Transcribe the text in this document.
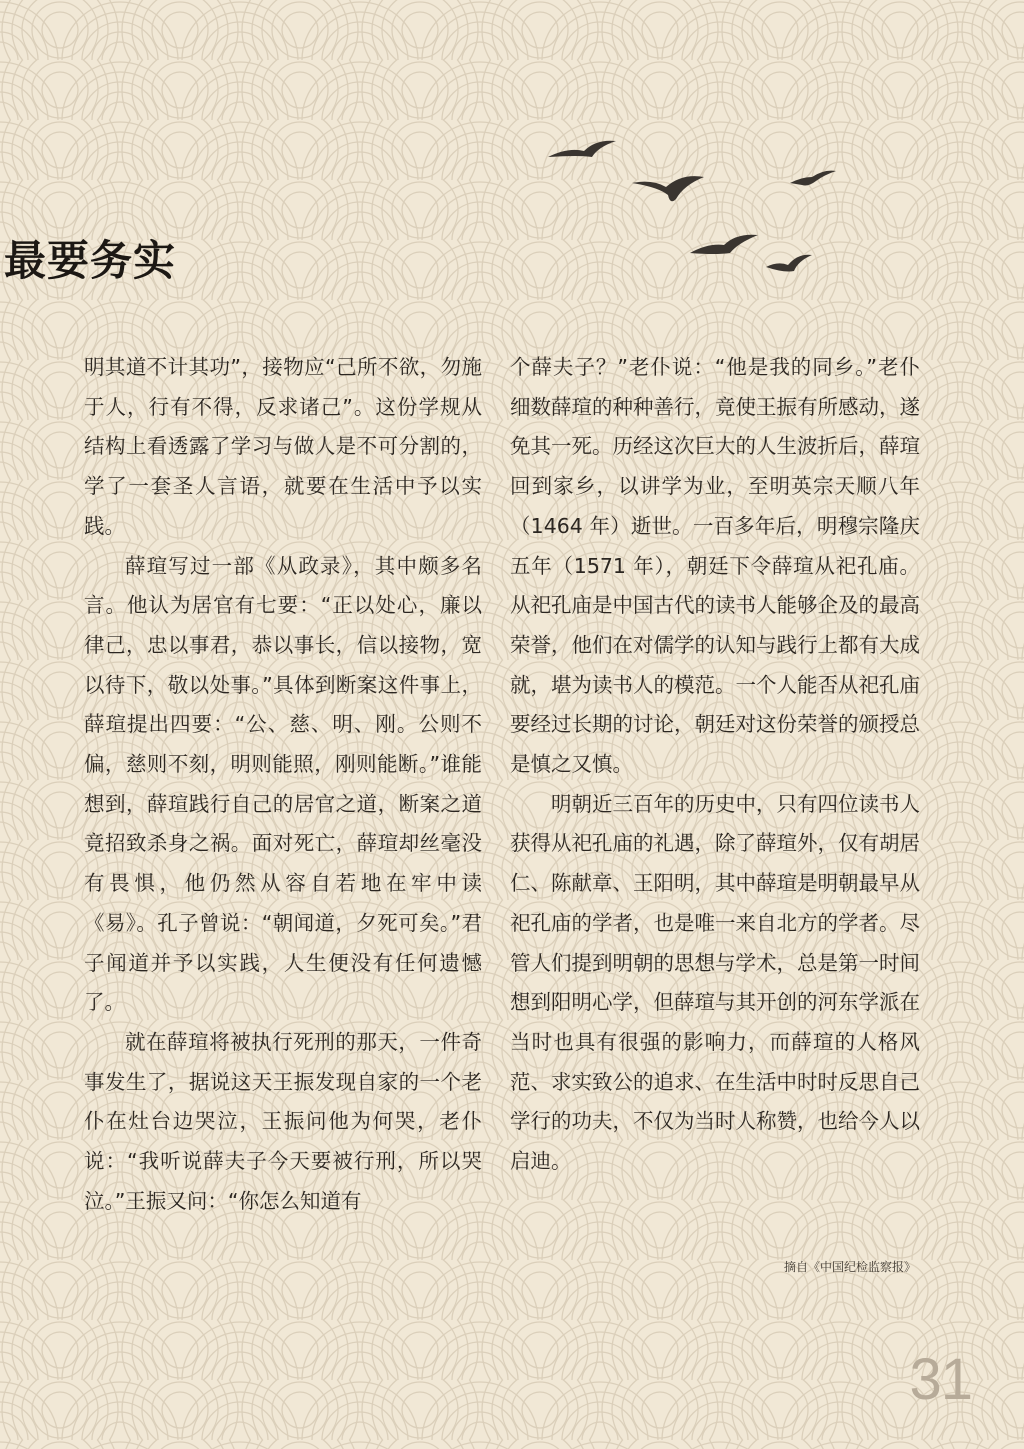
最要务实

明其道不计其功”，接物应“己所不欲，勿施于人，行有不得，反求诸己”。这份学规从结构上看透露了学习与做人是不可分割的，学了一套圣人言语，就要在生活中予以实践。

薛瑄写过一部《从政录》，其中颇多名言。他认为居官有七要：“正以处心，廉以律己，忠以事君，恭以事长，信以接物，宽以待下，敬以处事。”具体到断案这件事上，薛瑄提出四要：“公、慈、明、刚。公则不偏，慈则不刻，明则能照，刚则能断。”谁能想到，薛瑄践行自己的居官之道，断案之道竟招致杀身之祸。面对死亡，薛瑄却丝毫没有畏惧，他仍然从容自若地在牢中读《易》。孔子曾说：“朝闻道，夕死可矣。”君子闻道并予以实践，人生便没有任何遗憾了。

就在薛瑄将被执行死刑的那天，一件奇事发生了，据说这天王振发现自家的一个老仆在灶台边哭泣，王振问他为何哭，老仆说：“我听说薛夫子今天要被行刑，所以哭泣。”王振又问：“你怎么知道有

个薛夫子？”老仆说：“他是我的同乡。”老仆细数薛瑄的种种善行，竟使王振有所感动，遂免其一死。历经这次巨大的人生波折后，薛瑄回到家乡，以讲学为业，至明英宗天顺八年（1464 年）逝世。一百多年后，明穆宗隆庆五年（1571 年），朝廷下令薛瑄从祀孔庙。从祀孔庙是中国古代的读书人能够企及的最高荣誉，他们在对儒学的认知与践行上都有大成就，堪为读书人的模范。一个人能否从祀孔庙要经过长期的讨论，朝廷对这份荣誉的颁授总是慎之又慎。

明朝近三百年的历史中，只有四位读书人获得从祀孔庙的礼遇，除了薛瑄外，仅有胡居仁、陈献章、王阳明，其中薛瑄是明朝最早从祀孔庙的学者，也是唯一来自北方的学者。尽管人们提到明朝的思想与学术，总是第一时间想到阳明心学，但薛瑄与其开创的河东学派在当时也具有很强的影响力，而薛瑄的人格风范、求实致公的追求、在生活中时时反思自己学行的功夫，不仅为当时人称赞，也给今人以启迪。

摘自《中国纪检监察报》
31
